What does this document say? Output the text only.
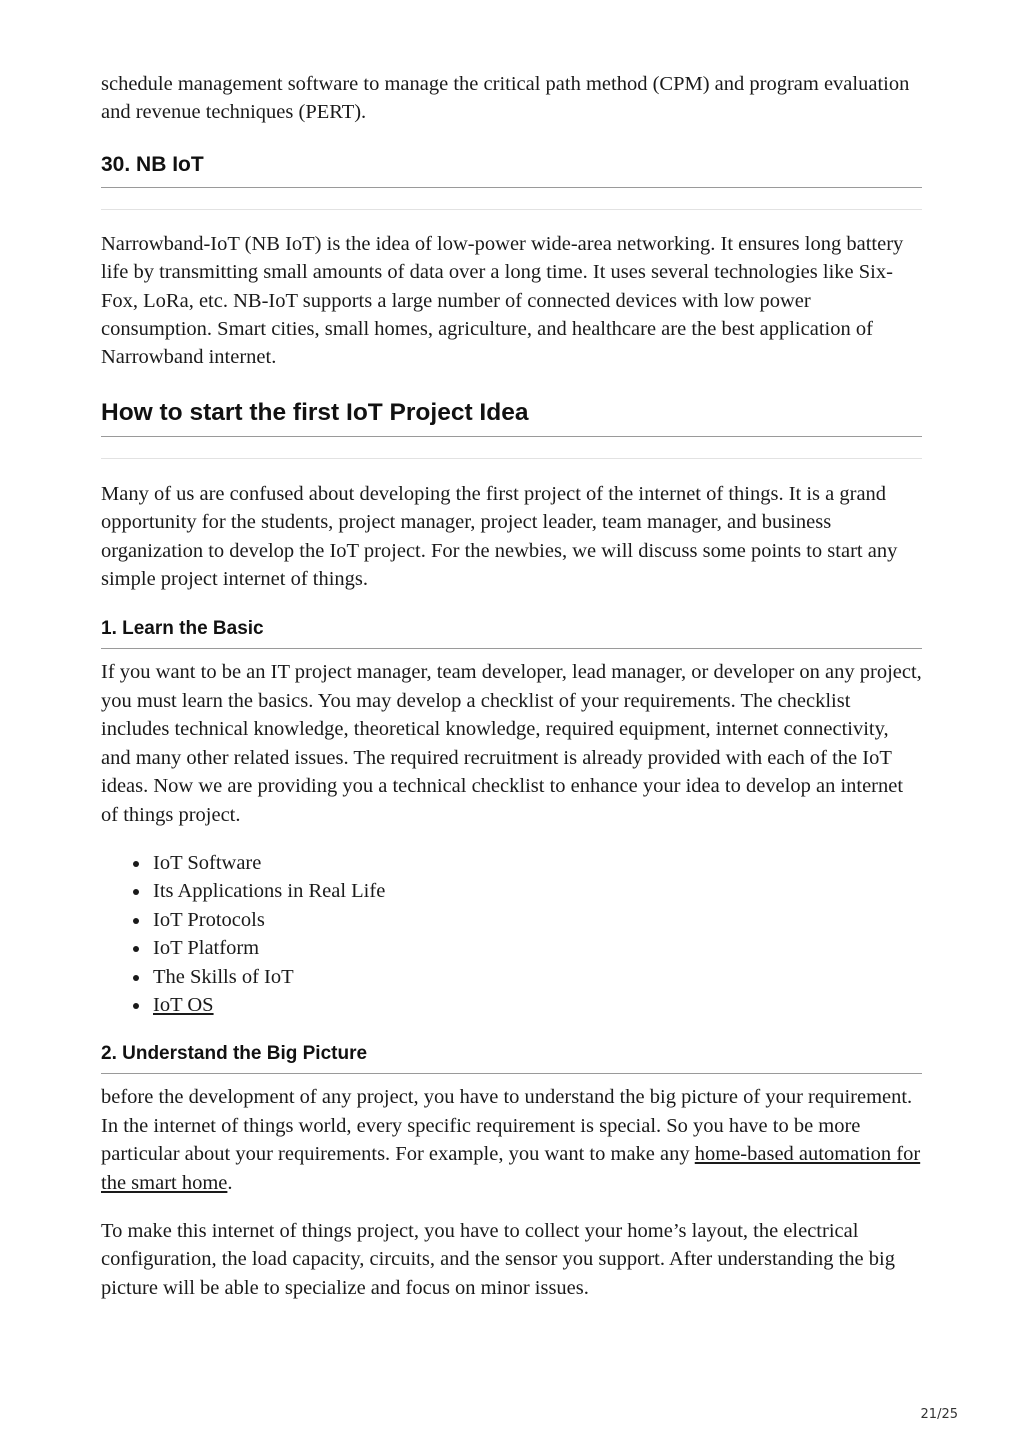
schedule management software to manage the critical path method (CPM) and program evaluation and revenue techniques (PERT).

30. NB IoT

Narrowband-IoT (NB IoT) is the idea of low-power wide-area networking. It ensures long battery life by transmitting small amounts of data over a long time. It uses several technologies like Six-Fox, LoRa, etc. NB-IoT supports a large number of connected devices with low power consumption. Smart cities, small homes, agriculture, and healthcare are the best application of Narrowband internet.

How to start the first IoT Project Idea

Many of us are confused about developing the first project of the internet of things. It is a grand opportunity for the students, project manager, project leader, team manager, and business organization to develop the IoT project. For the newbies, we will discuss some points to start any simple project internet of things.

1. Learn the Basic

If you want to be an IT project manager, team developer, lead manager, or developer on any project, you must learn the basics. You may develop a checklist of your requirements. The checklist includes technical knowledge, theoretical knowledge, required equipment, internet connectivity, and many other related issues. The required recruitment is already provided with each of the IoT ideas. Now we are providing you a technical checklist to enhance your idea to develop an internet of things project.

IoT Software
Its Applications in Real Life
IoT Protocols
IoT Platform
The Skills of IoT
IoT OS
2. Understand the Big Picture

before the development of any project, you have to understand the big picture of your requirement. In the internet of things world, every specific requirement is special. So you have to be more particular about your requirements. For example, you want to make any home-based automation for the smart home.

To make this internet of things project, you have to collect your home’s layout, the electrical configuration, the load capacity, circuits, and the sensor you support. After understanding the big picture will be able to specialize and focus on minor issues.

21/25
